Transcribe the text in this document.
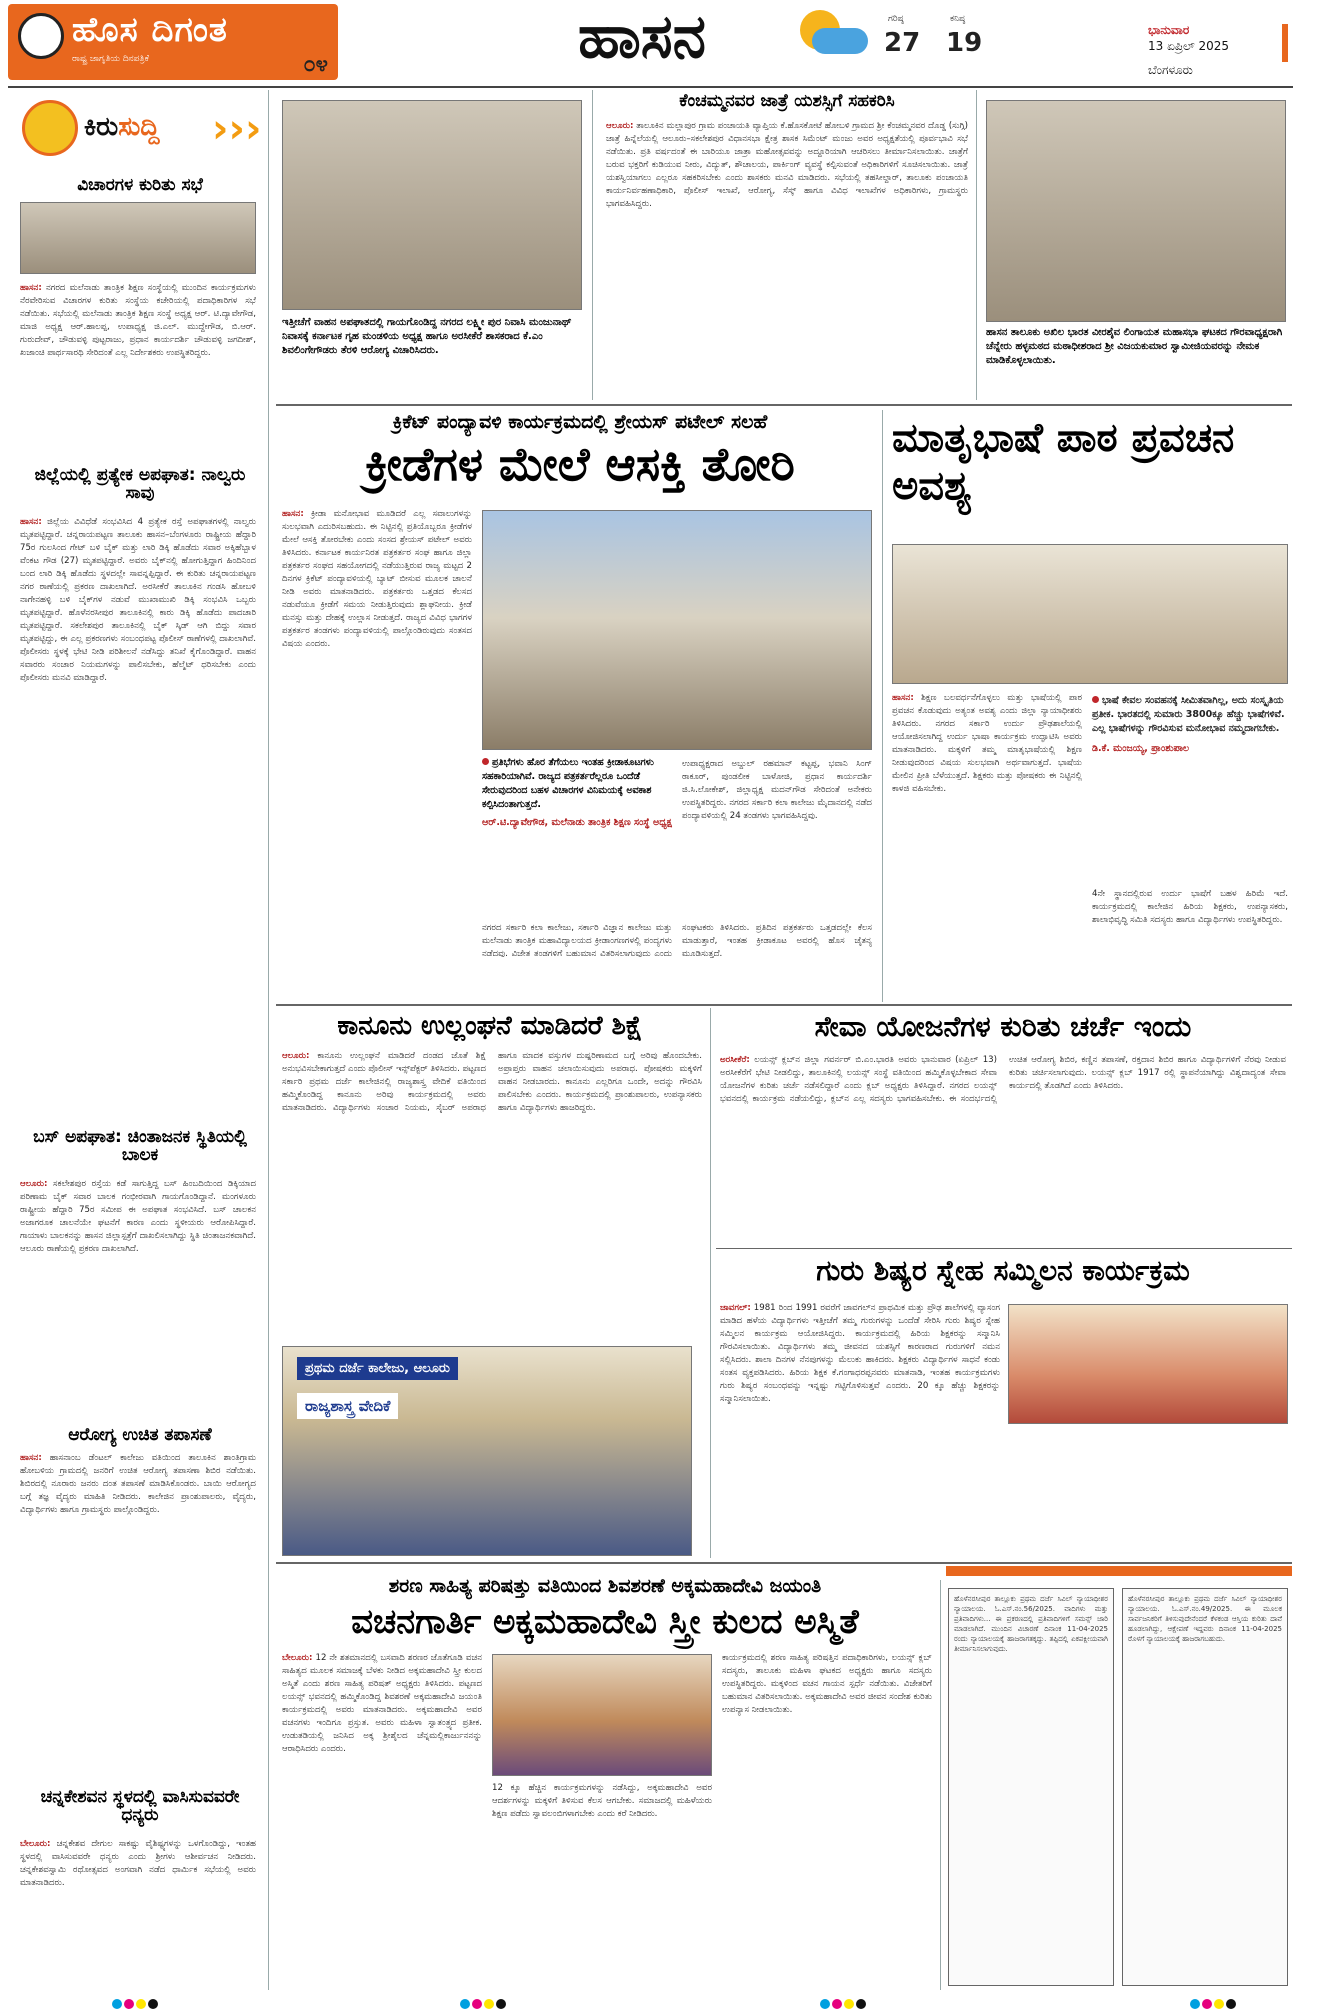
ಹೊಸ ದಿಗಂತ
ರಾಷ್ಟ್ರ ಜಾಗೃತಿಯ ದಿನಪತ್ರಿಕೆ	೦೪	ಹಾಸನ	ಗರಿಷ್ಠ
27
ಕನಿಷ್ಠ
19	ಭಾನುವಾರ
13 ಏಪ್ರಿಲ್ 2025
ಬೆಂಗಳೂರು
ಕಿರುಸುದ್ದಿ ›››
ವಿಚಾರಗಳ ಕುರಿತು ಸಭೆ
ಹಾಸನ: ನಗರದ ಮಲೆನಾಡು ತಾಂತ್ರಿಕ ಶಿಕ್ಷಣ ಸಂಸ್ಥೆಯಲ್ಲಿ ಮುಂದಿನ ಕಾರ್ಯಕ್ರಮಗಳು ನೆರವೇರಿಸುವ ವಿಚಾರಗಳ ಕುರಿತು ಸಂಸ್ಥೆಯ ಕಚೇರಿಯಲ್ಲಿ ಪದಾಧಿಕಾರಿಗಳ ಸಭೆ ನಡೆಯಿತು. ಸಭೆಯಲ್ಲಿ ಮಲೆನಾಡು ತಾಂತ್ರಿಕ ಶಿಕ್ಷಣ ಸಂಸ್ಥೆ ಅಧ್ಯಕ್ಷ ಆರ್. ಟಿ.ದ್ಯಾವೇಗೌಡ, ಮಾಜಿ ಅಧ್ಯಕ್ಷ ಆರ್.ಹಾಲಪ್ಪ, ಉಪಾಧ್ಯಕ್ಷ ಜಿ.ಎಲ್. ಮುದ್ದೇಗೌಡ, ಬಿ.ಆರ್. ಗುರುದೇವ್, ಚೌಡುವಳ್ಳಿ ಪುಟ್ಟರಾಜು, ಪ್ರಧಾನ ಕಾರ್ಯದರ್ಶಿ ಚೌಡುವಳ್ಳಿ ಜಗದೀಶ್, ಖಜಾಂಚಿ ಪಾರ್ಥಸಾರಥಿ ಸೇರಿದಂತೆ ಎಲ್ಲ ನಿರ್ದೇಶಕರು ಉಪಸ್ಥಿತರಿದ್ದರು.
ಜಿಲ್ಲೆಯಲ್ಲಿ ಪ್ರತ್ಯೇಕ ಅಪಘಾತ: ನಾಲ್ವರು ಸಾವು
ಹಾಸನ: ಜಿಲ್ಲೆಯ ವಿವಿಧೆಡೆ ಸಂಭವಿಸಿದ 4 ಪ್ರತ್ಯೇಕ ರಸ್ತೆ ಅಪಘಾತಗಳಲ್ಲಿ ನಾಲ್ವರು ಮೃತಪಟ್ಟಿದ್ದಾರೆ. ಚನ್ನರಾಯಪಟ್ಟಣ ತಾಲೂಕು ಹಾಸನ–ಬೆಂಗಳೂರು ರಾಷ್ಟ್ರೀಯ ಹೆದ್ದಾರಿ 75ರ ಗುಲಸಿಂದ ಗೇಟ್ ಬಳಿ ಬೈಕ್ ಮತ್ತು ಲಾರಿ ಡಿಕ್ಕಿ ಹೊಡೆದು ಸವಾರ ಅಕ್ಕಿಹೆಬ್ಬಾಳ ವೆಂಕಟ ಗೌಡ (27) ಮೃತಪಟ್ಟಿದ್ದಾರೆ. ಅವರು ಬೈಕ್‌ನಲ್ಲಿ ಹೋಗುತ್ತಿದ್ದಾಗ ಹಿಂದಿನಿಂದ ಬಂದ ಲಾರಿ ಡಿಕ್ಕಿ ಹೊಡೆದು ಸ್ಥಳದಲ್ಲೇ ಸಾವನ್ನಪ್ಪಿದ್ದಾರೆ. ಈ ಕುರಿತು ಚನ್ನರಾಯಪಟ್ಟಣ ನಗರ ಠಾಣೆಯಲ್ಲಿ ಪ್ರಕರಣ ದಾಖಲಾಗಿದೆ. ಅರಸೀಕೆರೆ ತಾಲೂಕಿನ ಗಂಡಸಿ ಹೋಬಳಿ ನಾಗೇನಹಳ್ಳಿ ಬಳಿ ಬೈಕ್‌ಗಳ ನಡುವೆ ಮುಖಾಮುಖಿ ಡಿಕ್ಕಿ ಸಂಭವಿಸಿ ಒಬ್ಬರು ಮೃತಪಟ್ಟಿದ್ದಾರೆ. ಹೊಳೆನರಸೀಪುರ ತಾಲೂಕಿನಲ್ಲಿ ಕಾರು ಡಿಕ್ಕಿ ಹೊಡೆದು ಪಾದಚಾರಿ ಮೃತಪಟ್ಟಿದ್ದಾರೆ. ಸಕಲೇಶಪುರ ತಾಲೂಕಿನಲ್ಲಿ ಬೈಕ್ ಸ್ಕಿಡ್ ಆಗಿ ಬಿದ್ದು ಸವಾರ ಮೃತಪಟ್ಟಿದ್ದು, ಈ ಎಲ್ಲ ಪ್ರಕರಣಗಳು ಸಂಬಂಧಪಟ್ಟ ಪೊಲೀಸ್ ಠಾಣೆಗಳಲ್ಲಿ ದಾಖಲಾಗಿವೆ. ಪೊಲೀಸರು ಸ್ಥಳಕ್ಕೆ ಭೇಟಿ ನೀಡಿ ಪರಿಶೀಲನೆ ನಡೆಸಿದ್ದು ತನಿಖೆ ಕೈಗೊಂಡಿದ್ದಾರೆ. ವಾಹನ ಸವಾರರು ಸಂಚಾರ ನಿಯಮಗಳನ್ನು ಪಾಲಿಸಬೇಕು, ಹೆಲ್ಮೆಟ್ ಧರಿಸಬೇಕು ಎಂದು ಪೊಲೀಸರು ಮನವಿ ಮಾಡಿದ್ದಾರೆ.
ಬಸ್ ಅಪಘಾತ: ಚಿಂತಾಜನಕ ಸ್ಥಿತಿಯಲ್ಲಿ ಬಾಲಕ
ಆಲೂರು: ಸಕಲೇಶಪುರ ರಸ್ತೆಯ ಕಡೆ ಸಾಗುತ್ತಿದ್ದ ಬಸ್‌ ಹಿಂಬದಿಯಿಂದ ಡಿಕ್ಕಿಯಾದ ಪರಿಣಾಮ ಬೈಕ್ ಸವಾರ ಬಾಲಕ ಗಂಭೀರವಾಗಿ ಗಾಯಗೊಂಡಿದ್ದಾನೆ. ಮಂಗಳೂರು ರಾಷ್ಟ್ರೀಯ ಹೆದ್ದಾರಿ 75ರ ಸಮೀಪ ಈ ಅಪಘಾತ ಸಂಭವಿಸಿದೆ. ಬಸ್ ಚಾಲಕನ ಅಜಾಗರೂಕ ಚಾಲನೆಯೇ ಘಟನೆಗೆ ಕಾರಣ ಎಂದು ಸ್ಥಳೀಯರು ಆರೋಪಿಸಿದ್ದಾರೆ. ಗಾಯಾಳು ಬಾಲಕನನ್ನು ಹಾಸನ ಜಿಲ್ಲಾಸ್ಪತ್ರೆಗೆ ದಾಖಲಿಸಲಾಗಿದ್ದು ಸ್ಥಿತಿ ಚಿಂತಾಜನಕವಾಗಿದೆ. ಆಲೂರು ಠಾಣೆಯಲ್ಲಿ ಪ್ರಕರಣ ದಾಖಲಾಗಿದೆ.
ಆರೋಗ್ಯ ಉಚಿತ ತಪಾಸಣೆ
ಹಾಸನ: ಹಾಸನಾಂಬ ಡೆಂಟಲ್ ಕಾಲೇಜು ವತಿಯಿಂದ ತಾಲೂಕಿನ ಶಾಂತಿಗ್ರಾಮ ಹೋಬಳಿಯ ಗ್ರಾಮದಲ್ಲಿ ಜನರಿಗೆ ಉಚಿತ ಆರೋಗ್ಯ ತಪಾಸಣಾ ಶಿಬಿರ ನಡೆಯಿತು. ಶಿಬಿರದಲ್ಲಿ ನೂರಾರು ಜನರು ದಂತ ತಪಾಸಣೆ ಮಾಡಿಸಿಕೊಂಡರು. ಬಾಯಿ ಆರೋಗ್ಯದ ಬಗ್ಗೆ ತಜ್ಞ ವೈದ್ಯರು ಮಾಹಿತಿ ನೀಡಿದರು. ಕಾಲೇಜಿನ ಪ್ರಾಂಶುಪಾಲರು, ವೈದ್ಯರು, ವಿದ್ಯಾರ್ಥಿಗಳು ಹಾಗೂ ಗ್ರಾಮಸ್ಥರು ಪಾಲ್ಗೊಂಡಿದ್ದರು.
ಚನ್ನಕೇಶವನ ಸ್ಥಳದಲ್ಲಿ ವಾಸಿಸುವವರೇ ಧನ್ಯರು
ಬೇಲೂರು: ಚನ್ನಕೇಶವ ದೇಗುಲ ಸಾಕಷ್ಟು ವೈಶಿಷ್ಟ್ಯಗಳನ್ನು ಒಳಗೊಂಡಿದ್ದು, ಇಂತಹ ಸ್ಥಳದಲ್ಲಿ ವಾಸಿಸುವವರೇ ಧನ್ಯರು ಎಂದು ಶ್ರೀಗಳು ಆಶೀರ್ವಚನ ನೀಡಿದರು. ಚನ್ನಕೇಶವಸ್ವಾಮಿ ರಥೋತ್ಸವದ ಅಂಗವಾಗಿ ನಡೆದ ಧಾರ್ಮಿಕ ಸಭೆಯಲ್ಲಿ ಅವರು ಮಾತನಾಡಿದರು.
ಇತ್ತೀಚೆಗೆ ವಾಹನ ಅಪಘಾತದಲ್ಲಿ ಗಾಯಗೊಂಡಿದ್ದ ನಗರದ ಲಕ್ಷ್ಮೀ ಪುರ ನಿವಾಸಿ ಮಂಜುನಾಥ್ ನಿವಾಸಕ್ಕೆ ಕರ್ನಾಟಕ ಗೃಹ ಮಂಡಳಿಯ ಅಧ್ಯಕ್ಷ ಹಾಗೂ ಅರಸೀಕೆರೆ ಶಾಸಕರಾದ ಕೆ.ಎಂ ಶಿವಲಿಂಗೇಗೌಡರು ತೆರಳಿ ಆರೋಗ್ಯ ವಿಚಾರಿಸಿದರು.
ಕೆಂಚಮ್ಮನವರ ಜಾತ್ರೆ ಯಶಸ್ಸಿಗೆ ಸಹಕರಿಸಿ
ಆಲೂರು: ತಾಲೂಕಿನ ಮಲ್ಲಾಪುರ ಗ್ರಾಮ ಪಂಚಾಯತಿ ವ್ಯಾಪ್ತಿಯ ಕೆ.ಹೊಸಕೋಟೆ ಹೋಬಳಿ ಗ್ರಾಮದ ಶ್ರೀ ಕೆಂಚಮ್ಮನವರ ದೊಡ್ಡ (ಸುಗ್ಗಿ) ಜಾತ್ರೆ ಹಿನ್ನೆಲೆಯಲ್ಲಿ ಆಲೂರು–ಸಕಲೇಶಪುರ ವಿಧಾನಸಭಾ ಕ್ಷೇತ್ರ ಶಾಸಕ ಸಿಮೆಂಟ್ ಮಂಜು ಅವರ ಅಧ್ಯಕ್ಷತೆಯಲ್ಲಿ ಪೂರ್ವಭಾವಿ ಸಭೆ ನಡೆಯಿತು. ಪ್ರತಿ ವರ್ಷದಂತೆ ಈ ಬಾರಿಯೂ ಜಾತ್ರಾ ಮಹೋತ್ಸವವನ್ನು ಅದ್ದೂರಿಯಾಗಿ ಆಚರಿಸಲು ತೀರ್ಮಾನಿಸಲಾಯಿತು. ಜಾತ್ರೆಗೆ ಬರುವ ಭಕ್ತರಿಗೆ ಕುಡಿಯುವ ನೀರು, ವಿದ್ಯುತ್, ಶೌಚಾಲಯ, ಪಾರ್ಕಿಂಗ್ ವ್ಯವಸ್ಥೆ ಕಲ್ಪಿಸುವಂತೆ ಅಧಿಕಾರಿಗಳಿಗೆ ಸೂಚಿಸಲಾಯಿತು. ಜಾತ್ರೆ ಯಶಸ್ವಿಯಾಗಲು ಎಲ್ಲರೂ ಸಹಕರಿಸಬೇಕು ಎಂದು ಶಾಸಕರು ಮನವಿ ಮಾಡಿದರು. ಸಭೆಯಲ್ಲಿ ತಹಸೀಲ್ದಾರ್, ತಾಲೂಕು ಪಂಚಾಯತಿ ಕಾರ್ಯನಿರ್ವಹಣಾಧಿಕಾರಿ, ಪೊಲೀಸ್ ಇಲಾಖೆ, ಆರೋಗ್ಯ, ಸೆಸ್ಕ್ ಹಾಗೂ ವಿವಿಧ ಇಲಾಖೆಗಳ ಅಧಿಕಾರಿಗಳು, ಗ್ರಾಮಸ್ಥರು ಭಾಗವಹಿಸಿದ್ದರು.
ಹಾಸನ ತಾಲೂಕು ಅಖಿಲ ಭಾರತ ವೀರಶೈವ ಲಿಂಗಾಯತ ಮಹಾಸಭಾ ಘಟಕದ ಗೌರವಾಧ್ಯಕ್ಷರಾಗಿ ಚೆನ್ನೇರು ಹಳ್ಳಮಠದ ಮಠಾಧೀಶರಾದ ಶ್ರೀ ವಿಜಯಕುಮಾರ ಸ್ವಾಮೀಜಿಯವರನ್ನು ನೇಮಕ ಮಾಡಿಕೊಳ್ಳಲಾಯಿತು.
ಕ್ರಿಕೆಟ್ ಪಂದ್ಯಾವಳಿ ಕಾರ್ಯಕ್ರಮದಲ್ಲಿ ಶ್ರೇಯಸ್ ಪಟೇಲ್ ಸಲಹೆ
ಕ್ರೀಡೆಗಳ ಮೇಲೆ ಆಸಕ್ತಿ ತೋರಿ
ಹಾಸನ: ಕ್ರೀಡಾ ಮನೋಭಾವ ಮೂಡಿದರೆ ಎಲ್ಲ ಸವಾಲುಗಳನ್ನು ಸುಲಭವಾಗಿ ಎದುರಿಸಬಹುದು. ಈ ನಿಟ್ಟಿನಲ್ಲಿ ಪ್ರತಿಯೊಬ್ಬರೂ ಕ್ರೀಡೆಗಳ ಮೇಲೆ ಆಸಕ್ತಿ ತೋರಬೇಕು ಎಂದು ಸಂಸದ ಶ್ರೇಯಸ್ ಪಟೇಲ್ ಅವರು ತಿಳಿಸಿದರು. ಕರ್ನಾಟಕ ಕಾರ್ಯನಿರತ ಪತ್ರಕರ್ತರ ಸಂಘ ಹಾಗೂ ಜಿಲ್ಲಾ ಪತ್ರಕರ್ತರ ಸಂಘದ ಸಹಯೋಗದಲ್ಲಿ ನಡೆಯುತ್ತಿರುವ ರಾಜ್ಯ ಮಟ್ಟದ 2 ದಿನಗಳ ಕ್ರಿಕೆಟ್ ಪಂದ್ಯಾವಳಿಯಲ್ಲಿ ಬ್ಯಾಟ್ ಬೀಸುವ ಮೂಲಕ ಚಾಲನೆ ನೀಡಿ ಅವರು ಮಾತನಾಡಿದರು. ಪತ್ರಕರ್ತರು ಒತ್ತಡದ ಕೆಲಸದ ನಡುವೆಯೂ ಕ್ರೀಡೆಗೆ ಸಮಯ ನೀಡುತ್ತಿರುವುದು ಶ್ಲಾಘನೀಯ. ಕ್ರೀಡೆ ಮನಸ್ಸು ಮತ್ತು ದೇಹಕ್ಕೆ ಉಲ್ಲಾಸ ನೀಡುತ್ತದೆ. ರಾಜ್ಯದ ವಿವಿಧ ಭಾಗಗಳ ಪತ್ರಕರ್ತರ ತಂಡಗಳು ಪಂದ್ಯಾವಳಿಯಲ್ಲಿ ಪಾಲ್ಗೊಂಡಿರುವುದು ಸಂತಸದ ವಿಷಯ ಎಂದರು.
ಪ್ರತಿಭೆಗಳು ಹೊರ ತೆಗೆಯಲು ಇಂತಹ ಕ್ರೀಡಾಕೂಟಗಳು ಸಹಕಾರಿಯಾಗಿವೆ. ರಾಜ್ಯದ ಪತ್ರಕರ್ತರೆಲ್ಲರೂ ಒಂದೆಡೆ ಸೇರುವುದರಿಂದ ಬಹಳ ವಿಚಾರಗಳ ವಿನಿಮಯಕ್ಕೆ ಅವಕಾಶ ಕಲ್ಪಿಸಿದಂತಾಗುತ್ತದೆ.
ಆರ್.ಟಿ.ದ್ಯಾವೇಗೌಡ, ಮಲೆನಾಡು ತಾಂತ್ರಿಕ ಶಿಕ್ಷಣ ಸಂಸ್ಥೆ ಅಧ್ಯಕ್ಷ
ಉಪಾಧ್ಯಕ್ಷರಾದ ಅಬ್ದುಲ್ ರಹಮಾನ್ ಕಟ್ಟಪ್ಪ, ಭವಾನಿ ಸಿಂಗ್ ಠಾಕೂರ್, ಪುಂಡಲೀಕ ಬಾಳೋಜಿ, ಪ್ರಧಾನ ಕಾರ್ಯದರ್ಶಿ ಜಿ.ಸಿ.ಲೋಕೇಶ್, ಜಿಲ್ಲಾಧ್ಯಕ್ಷ ಮದನ್‌ಗೌಡ ಸೇರಿದಂತೆ ಅನೇಕರು ಉಪಸ್ಥಿತರಿದ್ದರು. ನಗರದ ಸರ್ಕಾರಿ ಕಲಾ ಕಾಲೇಜು ಮೈದಾನದಲ್ಲಿ ನಡೆದ ಪಂದ್ಯಾವಳಿಯಲ್ಲಿ 24 ತಂಡಗಳು ಭಾಗವಹಿಸಿದ್ದವು.
ನಗರದ ಸರ್ಕಾರಿ ಕಲಾ ಕಾಲೇಜು, ಸರ್ಕಾರಿ ವಿಜ್ಞಾನ ಕಾಲೇಜು ಮತ್ತು ಮಲೆನಾಡು ತಾಂತ್ರಿಕ ಮಹಾವಿದ್ಯಾಲಯದ ಕ್ರೀಡಾಂಗಣಗಳಲ್ಲಿ ಪಂದ್ಯಗಳು ನಡೆದವು. ವಿಜೇತ ತಂಡಗಳಿಗೆ ಬಹುಮಾನ ವಿತರಿಸಲಾಗುವುದು ಎಂದು ಸಂಘಟಕರು ತಿಳಿಸಿದರು. ಪ್ರತಿದಿನ ಪತ್ರಕರ್ತರು ಒತ್ತಡದಲ್ಲೇ ಕೆಲಸ ಮಾಡುತ್ತಾರೆ, ಇಂತಹ ಕ್ರೀಡಾಕೂಟ ಅವರಲ್ಲಿ ಹೊಸ ಚೈತನ್ಯ ಮೂಡಿಸುತ್ತದೆ.
ಮಾತೃಭಾಷೆ ಪಾಠ ಪ್ರವಚನ ಅವಶ್ಯ
ಹಾಸನ: ಶಿಕ್ಷಣ ಬಲವರ್ಧನೆಗೊಳ್ಳಲು ಮತ್ತು ಭಾಷೆಯಲ್ಲಿ ಪಾಠ ಪ್ರವಚನ ಕೊಡುವುದು ಅತ್ಯಂತ ಅವಶ್ಯ ಎಂದು ಜಿಲ್ಲಾ ನ್ಯಾಯಾಧೀಶರು ತಿಳಿಸಿದರು. ನಗರದ ಸರ್ಕಾರಿ ಉರ್ದು ಪ್ರೌಢಶಾಲೆಯಲ್ಲಿ ಆಯೋಜಿಸಲಾಗಿದ್ದ ಉರ್ದು ಭಾಷಾ ಕಾರ್ಯಕ್ರಮ ಉದ್ಘಾಟಿಸಿ ಅವರು ಮಾತನಾಡಿದರು. ಮಕ್ಕಳಿಗೆ ತಮ್ಮ ಮಾತೃಭಾಷೆಯಲ್ಲಿ ಶಿಕ್ಷಣ ನೀಡುವುದರಿಂದ ವಿಷಯ ಸುಲಭವಾಗಿ ಅರ್ಥವಾಗುತ್ತದೆ. ಭಾಷೆಯ ಮೇಲಿನ ಪ್ರೀತಿ ಬೆಳೆಯುತ್ತದೆ. ಶಿಕ್ಷಕರು ಮತ್ತು ಪೋಷಕರು ಈ ನಿಟ್ಟಿನಲ್ಲಿ ಕಾಳಜಿ ವಹಿಸಬೇಕು.
ಭಾಷೆ ಕೇವಲ ಸಂವಹನಕ್ಕೆ ಸೀಮಿತವಾಗಿಲ್ಲ, ಅದು ಸಂಸ್ಕೃತಿಯ ಪ್ರತೀಕ. ಭಾರತದಲ್ಲಿ ಸುಮಾರು 3800ಕ್ಕೂ ಹೆಚ್ಚು ಭಾಷೆಗಳಿವೆ. ಎಲ್ಲ ಭಾಷೆಗಳನ್ನು ಗೌರವಿಸುವ ಮನೋಭಾವ ನಮ್ಮದಾಗಬೇಕು.
ಡಿ.ಕೆ. ಮಂಜಯ್ಯ, ಪ್ರಾಂಶುಪಾಲ
4ನೇ ಸ್ಥಾನದಲ್ಲಿರುವ ಉರ್ದು ಭಾಷೆಗೆ ಬಹಳ ಹಿರಿಮೆ ಇದೆ. ಕಾರ್ಯಕ್ರಮದಲ್ಲಿ ಕಾಲೇಜಿನ ಹಿರಿಯ ಶಿಕ್ಷಕರು, ಉಪನ್ಯಾಸಕರು, ಶಾಲಾಭಿವೃದ್ಧಿ ಸಮಿತಿ ಸದಸ್ಯರು ಹಾಗೂ ವಿದ್ಯಾರ್ಥಿಗಳು ಉಪಸ್ಥಿತರಿದ್ದರು.
ಕಾನೂನು ಉಲ್ಲಂಘನೆ ಮಾಡಿದರೆ ಶಿಕ್ಷೆ
ಆಲೂರು: ಕಾನೂನು ಉಲ್ಲಂಘನೆ ಮಾಡಿದರೆ ದಂಡದ ಜೊತೆ ಶಿಕ್ಷೆ ಅನುಭವಿಸಬೇಕಾಗುತ್ತದೆ ಎಂದು ಪೊಲೀಸ್ ಇನ್ಸ್‌ಪೆಕ್ಟರ್ ತಿಳಿಸಿದರು. ಪಟ್ಟಣದ ಸರ್ಕಾರಿ ಪ್ರಥಮ ದರ್ಜೆ ಕಾಲೇಜಿನಲ್ಲಿ ರಾಜ್ಯಶಾಸ್ತ್ರ ವೇದಿಕೆ ವತಿಯಿಂದ ಹಮ್ಮಿಕೊಂಡಿದ್ದ ಕಾನೂನು ಅರಿವು ಕಾರ್ಯಕ್ರಮದಲ್ಲಿ ಅವರು ಮಾತನಾಡಿದರು. ವಿದ್ಯಾರ್ಥಿಗಳು ಸಂಚಾರ ನಿಯಮ, ಸೈಬರ್ ಅಪರಾಧ ಹಾಗೂ ಮಾದಕ ವಸ್ತುಗಳ ದುಷ್ಪರಿಣಾಮದ ಬಗ್ಗೆ ಅರಿವು ಹೊಂದಬೇಕು. ಅಪ್ರಾಪ್ತರು ವಾಹನ ಚಲಾಯಿಸುವುದು ಅಪರಾಧ. ಪೋಷಕರು ಮಕ್ಕಳಿಗೆ ವಾಹನ ನೀಡಬಾರದು. ಕಾನೂನು ಎಲ್ಲರಿಗೂ ಒಂದೇ, ಅದನ್ನು ಗೌರವಿಸಿ ಪಾಲಿಸಬೇಕು ಎಂದರು. ಕಾರ್ಯಕ್ರಮದಲ್ಲಿ ಪ್ರಾಂಶುಪಾಲರು, ಉಪನ್ಯಾಸಕರು ಹಾಗೂ ವಿದ್ಯಾರ್ಥಿಗಳು ಹಾಜರಿದ್ದರು.
ಪ್ರಥಮ ದರ್ಜೆ ಕಾಲೇಜು, ಆಲೂರು
ರಾಜ್ಯಶಾಸ್ತ್ರ ವೇದಿಕೆ
ಸೇವಾ ಯೋಜನೆಗಳ ಕುರಿತು ಚರ್ಚೆ ಇಂದು
ಅರಸೀಕೆರೆ: ಲಯನ್ಸ್ ಕ್ಲಬ್‌ನ ಜಿಲ್ಲಾ ಗವರ್ನರ್ ಬಿ.ಎಂ.ಭಾರತಿ ಅವರು ಭಾನುವಾರ (ಏಪ್ರಿಲ್ 13) ಅರಸೀಕೆರೆಗೆ ಭೇಟಿ ನೀಡಲಿದ್ದು, ತಾಲೂಕಿನಲ್ಲಿ ಲಯನ್ಸ್ ಸಂಸ್ಥೆ ವತಿಯಿಂದ ಹಮ್ಮಿಕೊಳ್ಳಬೇಕಾದ ಸೇವಾ ಯೋಜನೆಗಳ ಕುರಿತು ಚರ್ಚೆ ನಡೆಸಲಿದ್ದಾರೆ ಎಂದು ಕ್ಲಬ್ ಅಧ್ಯಕ್ಷರು ತಿಳಿಸಿದ್ದಾರೆ. ನಗರದ ಲಯನ್ಸ್ ಭವನದಲ್ಲಿ ಕಾರ್ಯಕ್ರಮ ನಡೆಯಲಿದ್ದು, ಕ್ಲಬ್‌ನ ಎಲ್ಲ ಸದಸ್ಯರು ಭಾಗವಹಿಸಬೇಕು. ಈ ಸಂದರ್ಭದಲ್ಲಿ ಉಚಿತ ಆರೋಗ್ಯ ಶಿಬಿರ, ಕಣ್ಣಿನ ತಪಾಸಣೆ, ರಕ್ತದಾನ ಶಿಬಿರ ಹಾಗೂ ವಿದ್ಯಾರ್ಥಿಗಳಿಗೆ ನೆರವು ನೀಡುವ ಕುರಿತು ಚರ್ಚಿಸಲಾಗುವುದು. ಲಯನ್ಸ್ ಕ್ಲಬ್ 1917 ರಲ್ಲಿ ಸ್ಥಾಪನೆಯಾಗಿದ್ದು ವಿಶ್ವದಾದ್ಯಂತ ಸೇವಾ ಕಾರ್ಯದಲ್ಲಿ ತೊಡಗಿದೆ ಎಂದು ತಿಳಿಸಿದರು.
ಗುರು ಶಿಷ್ಯರ ಸ್ನೇಹ ಸಮ್ಮಿಲನ ಕಾರ್ಯಕ್ರಮ
ಜಾವಗಲ್: 1981 ರಿಂದ 1991 ರವರೆಗೆ ಜಾವಗಲ್‌ನ ಪ್ರಾಥಮಿಕ ಮತ್ತು ಪ್ರೌಢ ಶಾಲೆಗಳಲ್ಲಿ ವ್ಯಾಸಂಗ ಮಾಡಿದ ಹಳೆಯ ವಿದ್ಯಾರ್ಥಿಗಳು ಇತ್ತೀಚೆಗೆ ತಮ್ಮ ಗುರುಗಳನ್ನು ಒಂದೆಡೆ ಸೇರಿಸಿ ಗುರು ಶಿಷ್ಯರ ಸ್ನೇಹ ಸಮ್ಮಿಲನ ಕಾರ್ಯಕ್ರಮ ಆಯೋಜಿಸಿದ್ದರು. ಕಾರ್ಯಕ್ರಮದಲ್ಲಿ ಹಿರಿಯ ಶಿಕ್ಷಕರನ್ನು ಸನ್ಮಾನಿಸಿ ಗೌರವಿಸಲಾಯಿತು. ವಿದ್ಯಾರ್ಥಿಗಳು ತಮ್ಮ ಜೀವನದ ಯಶಸ್ಸಿಗೆ ಕಾರಣರಾದ ಗುರುಗಳಿಗೆ ನಮನ ಸಲ್ಲಿಸಿದರು. ಶಾಲಾ ದಿನಗಳ ನೆನಪುಗಳನ್ನು ಮೆಲುಕು ಹಾಕಿದರು. ಶಿಕ್ಷಕರು ವಿದ್ಯಾರ್ಥಿಗಳ ಸಾಧನೆ ಕಂಡು ಸಂತಸ ವ್ಯಕ್ತಪಡಿಸಿದರು. ಹಿರಿಯ ಶಿಕ್ಷಕ ಕೆ.ಗಂಗಾಧರಪ್ಪನವರು ಮಾತನಾಡಿ, ಇಂತಹ ಕಾರ್ಯಕ್ರಮಗಳು ಗುರು ಶಿಷ್ಯರ ಸಂಬಂಧವನ್ನು ಇನ್ನಷ್ಟು ಗಟ್ಟಿಗೊಳಿಸುತ್ತವೆ ಎಂದರು. 20 ಕ್ಕೂ ಹೆಚ್ಚು ಶಿಕ್ಷಕರನ್ನು ಸನ್ಮಾನಿಸಲಾಯಿತು.
ಶರಣ ಸಾಹಿತ್ಯ ಪರಿಷತ್ತು ವತಿಯಿಂದ ಶಿವಶರಣೆ ಅಕ್ಕಮಹಾದೇವಿ ಜಯಂತಿ
ವಚನಗಾರ್ತಿ ಅಕ್ಕಮಹಾದೇವಿ ಸ್ತ್ರೀ ಕುಲದ ಅಸ್ಮಿತೆ
ಬೇಲೂರು: 12 ನೇ ಶತಮಾನದಲ್ಲಿ ಬಸವಾದಿ ಶರಣರ ಜೊತೆಗೂಡಿ ವಚನ ಸಾಹಿತ್ಯದ ಮೂಲಕ ಸಮಾಜಕ್ಕೆ ಬೆಳಕು ನೀಡಿದ ಅಕ್ಕಮಹಾದೇವಿ ಸ್ತ್ರೀ ಕುಲದ ಅಸ್ಮಿತೆ ಎಂದು ಶರಣ ಸಾಹಿತ್ಯ ಪರಿಷತ್ ಅಧ್ಯಕ್ಷರು ತಿಳಿಸಿದರು. ಪಟ್ಟಣದ ಲಯನ್ಸ್ ಭವನದಲ್ಲಿ ಹಮ್ಮಿಕೊಂಡಿದ್ದ ಶಿವಶರಣೆ ಅಕ್ಕಮಹಾದೇವಿ ಜಯಂತಿ ಕಾರ್ಯಕ್ರಮದಲ್ಲಿ ಅವರು ಮಾತನಾಡಿದರು. ಅಕ್ಕಮಹಾದೇವಿ ಅವರ ವಚನಗಳು ಇಂದಿಗೂ ಪ್ರಸ್ತುತ. ಅವರು ಮಹಿಳಾ ಸ್ವಾತಂತ್ರ್ಯದ ಪ್ರತೀಕ. ಉಡುತಡಿಯಲ್ಲಿ ಜನಿಸಿದ ಅಕ್ಕ ಶ್ರೀಶೈಲದ ಚೆನ್ನಮಲ್ಲಿಕಾರ್ಜುನನನ್ನು ಆರಾಧಿಸಿದರು ಎಂದರು.
12 ಕ್ಕೂ ಹೆಚ್ಚಿನ ಕಾರ್ಯಕ್ರಮಗಳನ್ನು ನಡೆಸಿದ್ದು, ಅಕ್ಕಮಹಾದೇವಿ ಅವರ ಆದರ್ಶಗಳನ್ನು ಮಕ್ಕಳಿಗೆ ತಿಳಿಸುವ ಕೆಲಸ ಆಗಬೇಕು. ಸಮಾಜದಲ್ಲಿ ಮಹಿಳೆಯರು ಶಿಕ್ಷಣ ಪಡೆದು ಸ್ವಾವಲಂಬಿಗಳಾಗಬೇಕು ಎಂದು ಕರೆ ನೀಡಿದರು.
ಕಾರ್ಯಕ್ರಮದಲ್ಲಿ ಶರಣ ಸಾಹಿತ್ಯ ಪರಿಷತ್ತಿನ ಪದಾಧಿಕಾರಿಗಳು, ಲಯನ್ಸ್ ಕ್ಲಬ್ ಸದಸ್ಯರು, ತಾಲೂಕು ಮಹಿಳಾ ಘಟಕದ ಅಧ್ಯಕ್ಷರು ಹಾಗೂ ಸದಸ್ಯರು ಉಪಸ್ಥಿತರಿದ್ದರು. ಮಕ್ಕಳಿಂದ ವಚನ ಗಾಯನ ಸ್ಪರ್ಧೆ ನಡೆಯಿತು. ವಿಜೇತರಿಗೆ ಬಹುಮಾನ ವಿತರಿಸಲಾಯಿತು. ಅಕ್ಕಮಹಾದೇವಿ ಅವರ ಜೀವನ ಸಂದೇಶ ಕುರಿತು ಉಪನ್ಯಾಸ ನೀಡಲಾಯಿತು.
ಹೊಳೆನರಸೀಪುರ ತಾಲ್ಲೂಕು ಪ್ರಥಮ ದರ್ಜೆ ಸಿವಿಲ್ ನ್ಯಾಯಾಧೀಶರ ನ್ಯಾಯಾಲಯ. ಓ.ಎಸ್.ನಂ.56/2025. ವಾದಿಗಳು ಮತ್ತು ಪ್ರತಿವಾದಿಗಳು... ಈ ಪ್ರಕರಣದಲ್ಲಿ ಪ್ರತಿವಾದಿಗಳಿಗೆ ಸಮನ್ಸ್ ಜಾರಿ ಮಾಡಲಾಗಿದೆ. ಮುಂದಿನ ವಿಚಾರಣೆ ದಿನಾಂಕ 11-04-2025 ರಂದು ನ್ಯಾಯಾಲಯಕ್ಕೆ ಹಾಜರಾಗತಕ್ಕದ್ದು. ತಪ್ಪಿದಲ್ಲಿ ಏಕಪಕ್ಷೀಯವಾಗಿ ತೀರ್ಮಾನಿಸಲಾಗುವುದು.
ಹೊಳೆನರಸೀಪುರ ತಾಲ್ಲೂಕು ಪ್ರಥಮ ದರ್ಜೆ ಸಿವಿಲ್ ನ್ಯಾಯಾಧೀಶರ ನ್ಯಾಯಾಲಯ. ಓ.ಎಸ್.ನಂ.49/2025. ಈ ಮೂಲಕ ಸಾರ್ವಜನಿಕರಿಗೆ ತಿಳಿಸುವುದೇನೆಂದರೆ ಕೆಳಕಂಡ ಆಸ್ತಿಯ ಕುರಿತು ದಾವೆ ಹೂಡಲಾಗಿದ್ದು, ಆಕ್ಷೇಪಣೆ ಇದ್ದವರು ದಿನಾಂಕ 11-04-2025 ರೊಳಗೆ ನ್ಯಾಯಾಲಯಕ್ಕೆ ಹಾಜರಾಗಬಹುದು.
